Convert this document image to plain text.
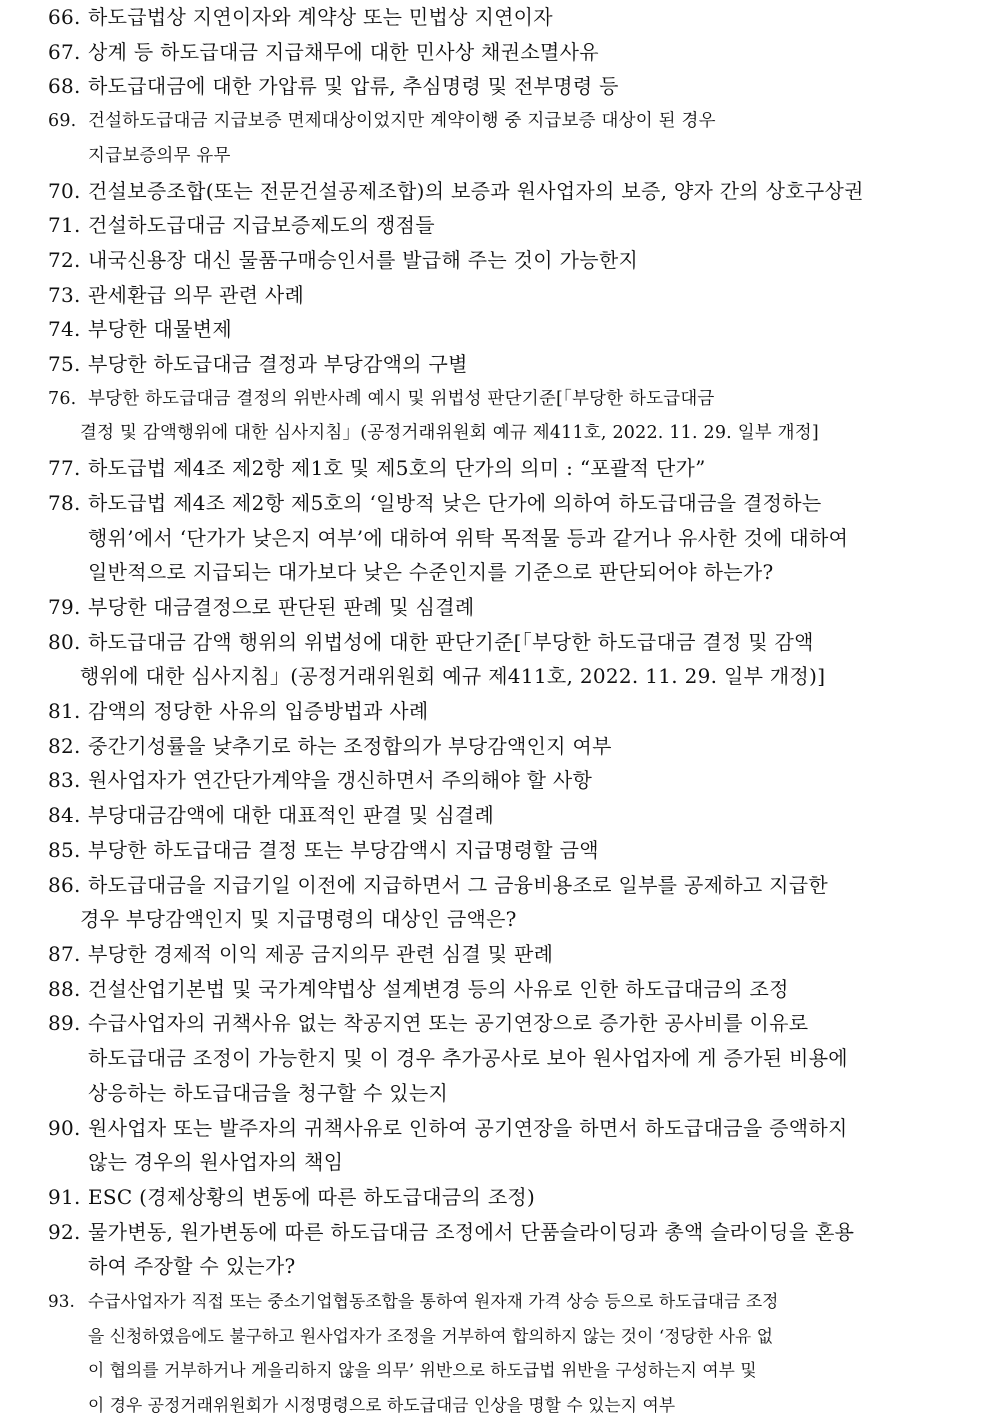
66. 하도급법상 지연이자와 계약상 또는 민법상 지연이자
67. 상계 등 하도급대금 지급채무에 대한 민사상 채권소멸사유
68. 하도급대금에 대한 가압류 및 압류, 추심명령 및 전부명령 등
69. 건설하도급대금 지급보증 면제대상이었지만 계약이행 중 지급보증 대상이 된 경우
지급보증의무 유무
70. 건설보증조합(또는 전문건설공제조합)의 보증과 원사업자의 보증, 양자 간의 상호구상권
71. 건설하도급대금 지급보증제도의 쟁점들
72. 내국신용장 대신 물품구매승인서를 발급해 주는 것이 가능한지
73. 관세환급 의무 관련 사례
74. 부당한 대물변제
75. 부당한 하도급대금 결정과 부당감액의 구별
76. 부당한 하도급대금 결정의 위반사례 예시 및 위법성 판단기준[「부당한 하도급대금
결정 및 감액행위에 대한 심사지침」(공정거래위원회 예규 제411호, 2022. 11. 29. 일부 개정]
77. 하도급법 제4조 제2항 제1호 및 제5호의 단가의 의미 : “포괄적 단가”
78. 하도급법 제4조 제2항 제5호의 ‘일방적 낮은 단가에 의하여 하도급대금을 결정하는
행위’에서 ‘단가가 낮은지 여부’에 대하여 위탁 목적물 등과 같거나 유사한 것에 대하여
일반적으로 지급되는 대가보다 낮은 수준인지를 기준으로 판단되어야 하는가?
79. 부당한 대금결정으로 판단된 판례 및 심결례
80. 하도급대금 감액 행위의 위법성에 대한 판단기준[「부당한 하도급대금 결정 및 감액
행위에 대한 심사지침」(공정거래위원회 예규 제411호, 2022. 11. 29. 일부 개정)]
81. 감액의 정당한 사유의 입증방법과 사례
82. 중간기성률을 낮추기로 하는 조정합의가 부당감액인지 여부
83. 원사업자가 연간단가계약을 갱신하면서 주의해야 할 사항
84. 부당대금감액에 대한 대표적인 판결 및 심결례
85. 부당한 하도급대금 결정 또는 부당감액시 지급명령할 금액
86. 하도급대금을 지급기일 이전에 지급하면서 그 금융비용조로 일부를 공제하고 지급한
경우 부당감액인지 및 지급명령의 대상인 금액은?
87. 부당한 경제적 이익 제공 금지의무 관련 심결 및 판례
88. 건설산업기본법 및 국가계약법상 설계변경 등의 사유로 인한 하도급대금의 조정
89. 수급사업자의 귀책사유 없는 착공지연 또는 공기연장으로 증가한 공사비를 이유로
하도급대금 조정이 가능한지 및 이 경우 추가공사로 보아 원사업자에 게 증가된 비용에
상응하는 하도급대금을 청구할 수 있는지
90. 원사업자 또는 발주자의 귀책사유로 인하여 공기연장을 하면서 하도급대금을 증액하지
않는 경우의 원사업자의 책임
91. ESC (경제상황의 변동에 따른 하도급대금의 조정)
92. 물가변동, 원가변동에 따른 하도급대금 조정에서 단품슬라이딩과 총액 슬라이딩을 혼용
하여 주장할 수 있는가?
93. 수급사업자가 직접 또는 중소기업협동조합을 통하여 원자재 가격 상승 등으로 하도급대금 조정
을 신청하였음에도 불구하고 원사업자가 조정을 거부하여 합의하지 않는 것이 ‘정당한 사유 없
이 협의를 거부하거나 게을리하지 않을 의무’ 위반으로 하도급법 위반을 구성하는지 여부 및
이 경우 공정거래위원회가 시정명령으로 하도급대금 인상을 명할 수 있는지 여부
